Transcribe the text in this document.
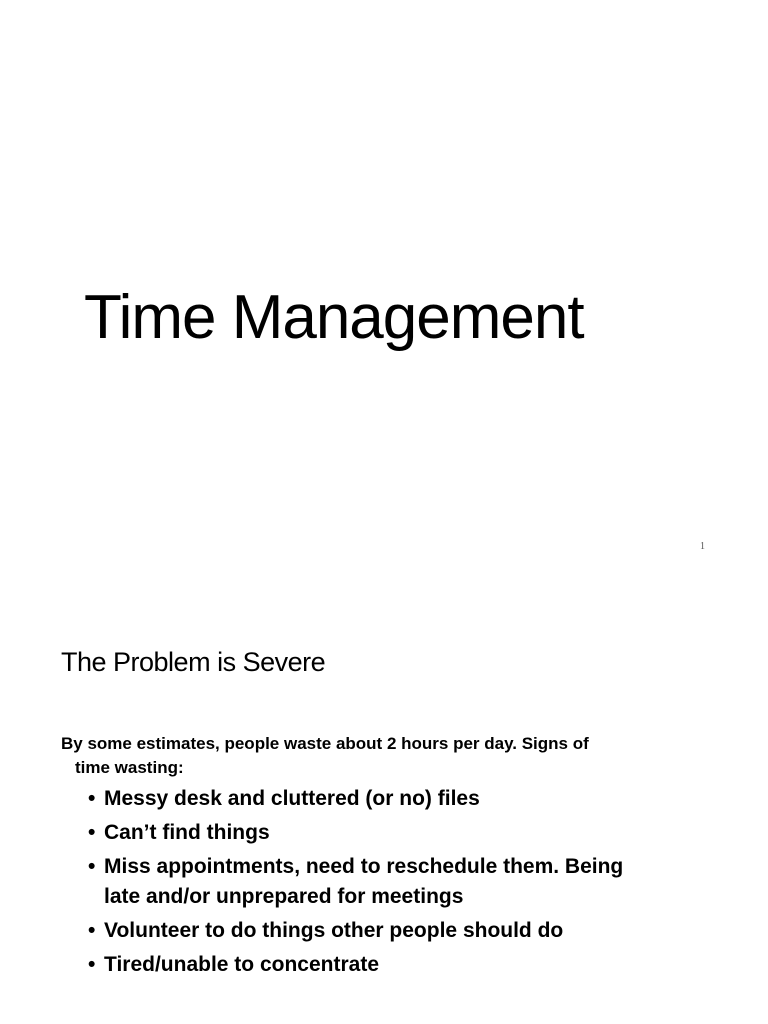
Time Management
1
The Problem is Severe
By some estimates, people waste about 2 hours per day. Signs of
time wasting:
• Messy desk and cluttered (or no) files
• Can’t find things
• Miss appointments, need to reschedule them. Being
late and/or unprepared for meetings
• Volunteer to do things other people should do
• Tired/unable to concentrate
